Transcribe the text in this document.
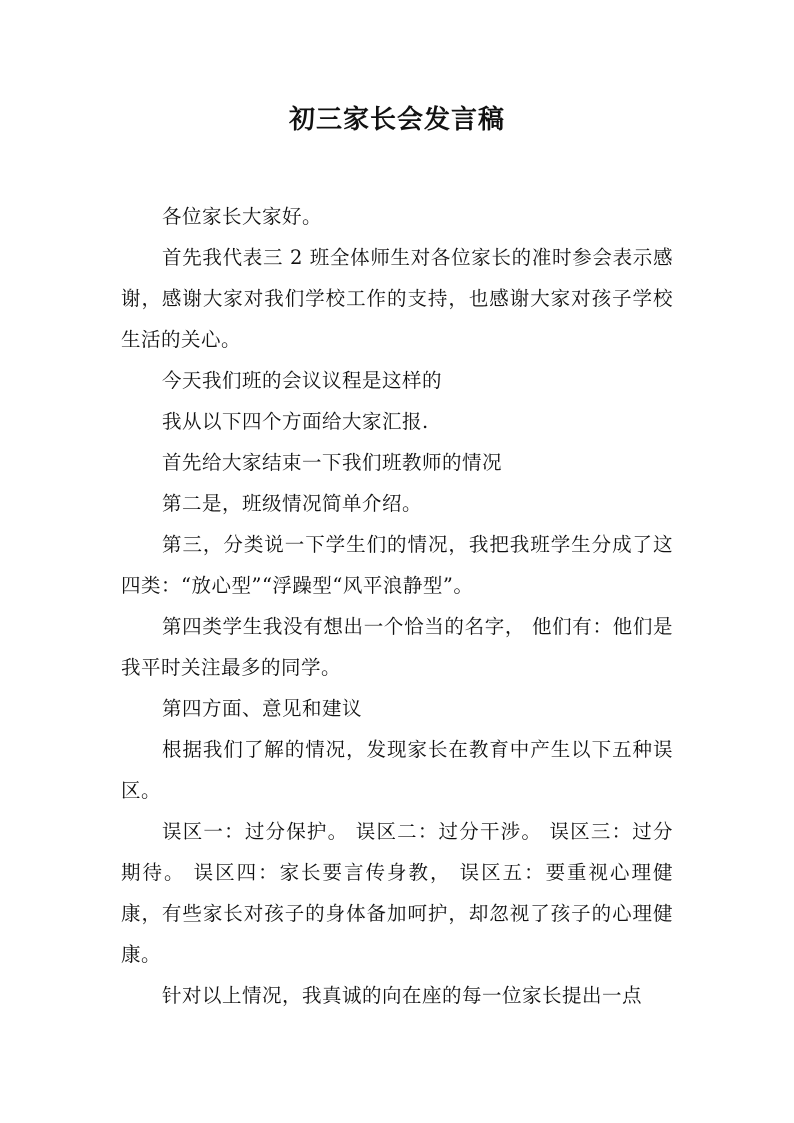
初三家长会发言稿

各位家长大家好。

首先我代表三 2 班全体师生对各位家长的准时参会表示感谢，感谢大家对我们学校工作的支持，也感谢大家对孩子学校生活的关心。

今天我们班的会议议程是这样的

我从以下四个方面给大家汇报.

首先给大家结束一下我们班教师的情况

第二是，班级情况简单介绍。

第三，分类说一下学生们的情况，我把我班学生分成了这四类：“放心型”“浮躁型“风平浪静型”。

第四类学生我没有想出一个恰当的名字， 他们有：他们是我平时关注最多的同学。

第四方面、意见和建议

根据我们了解的情况，发现家长在教育中产生以下五种误区。

误区一：过分保护。 误区二：过分干涉。 误区三：过分期待。 误区四：家长要言传身教， 误区五：要重视心理健康，有些家长对孩子的身体备加呵护，却忽视了孩子的心理健康。

针对以上情况，我真诚的向在座的每一位家长提出一点
